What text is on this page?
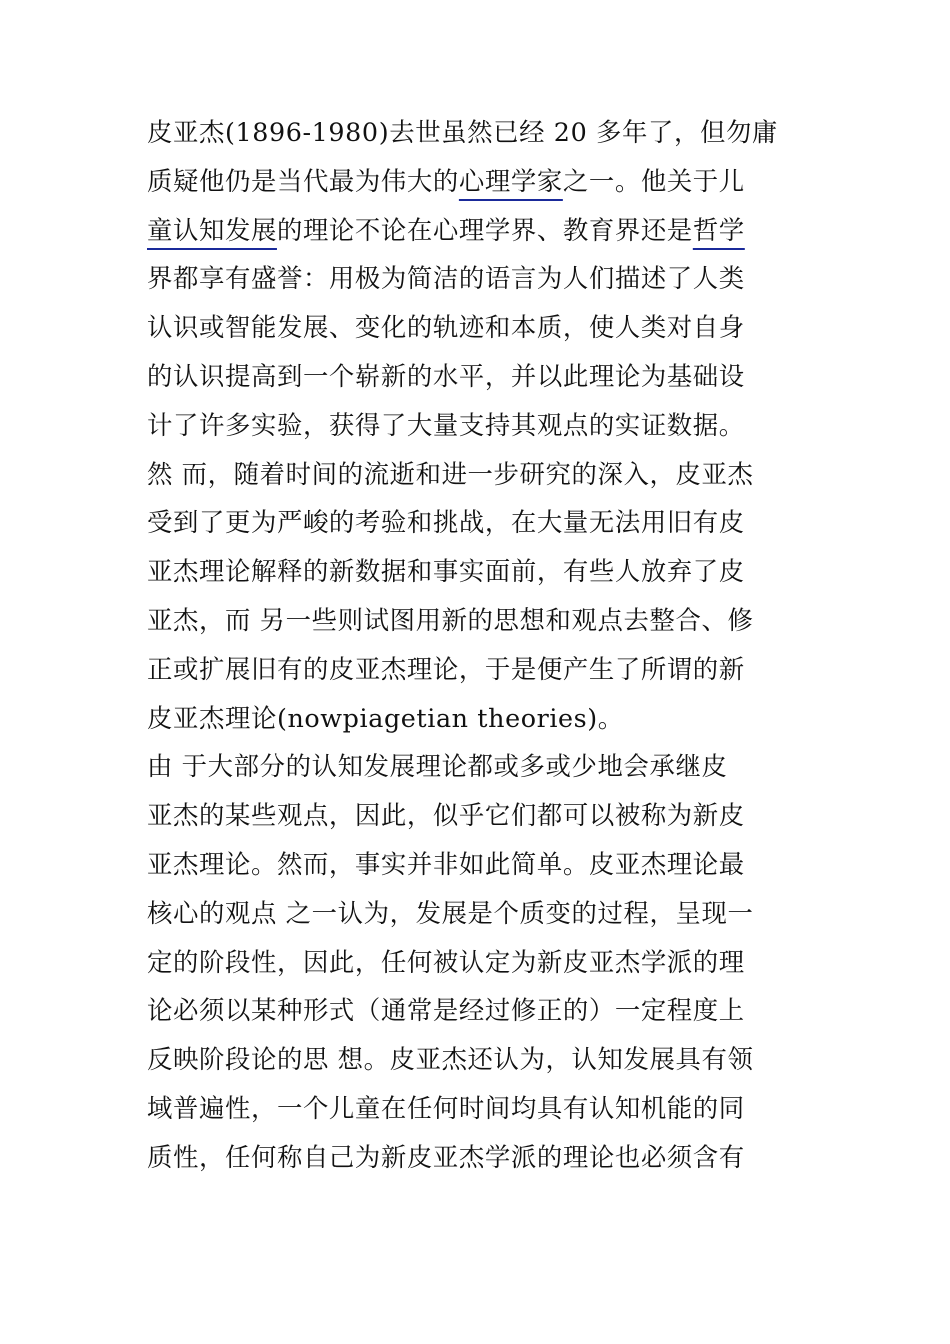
皮亚杰(1896-1980)去世虽然已经 20 多年了，但勿庸
质疑他仍是当代最为伟大的心理学家之一。他关于儿
童认知发展的理论不论在心理学界、教育界还是哲学
界都享有盛誉：用极为简洁的语言为人们描述了人类
认识或智能发展、变化的轨迹和本质，使人类对自身
的认识提高到一个崭新的水平，并以此理论为基础设
计了许多实验，获得了大量支持其观点的实证数据。
然 而，随着时间的流逝和进一步研究的深入，皮亚杰
受到了更为严峻的考验和挑战，在大量无法用旧有皮
亚杰理论解释的新数据和事实面前，有些人放弃了皮
亚杰，而 另一些则试图用新的思想和观点去整合、修
正或扩展旧有的皮亚杰理论，于是便产生了所谓的新
皮亚杰理论(nowpiagetian theories)。
由 于大部分的认知发展理论都或多或少地会承继皮
亚杰的某些观点，因此，似乎它们都可以被称为新皮
亚杰理论。然而，事实并非如此简单。皮亚杰理论最
核心的观点 之一认为，发展是个质变的过程，呈现一
定的阶段性，因此，任何被认定为新皮亚杰学派的理
论必须以某种形式（通常是经过修正的）一定程度上
反映阶段论的思 想。皮亚杰还认为，认知发展具有领
域普遍性，一个儿童在任何时间均具有认知机能的同
质性，任何称自己为新皮亚杰学派的理论也必须含有
